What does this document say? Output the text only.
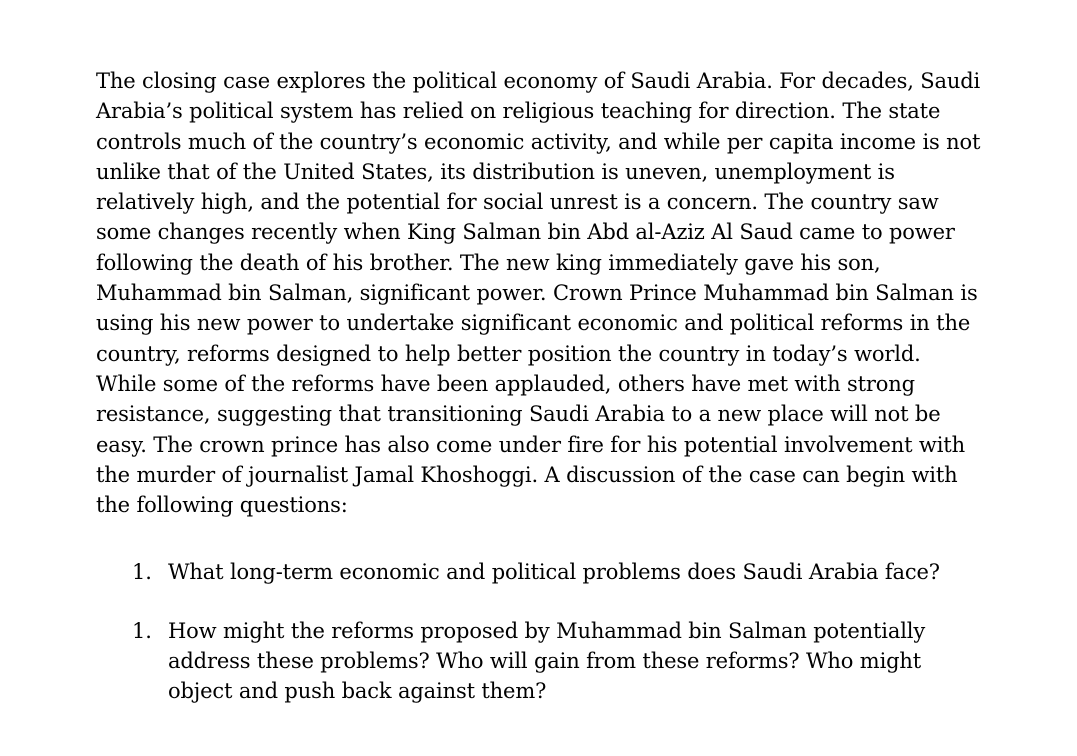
The closing case explores the political economy of Saudi Arabia. For decades, Saudi
Arabia’s political system has relied on religious teaching for direction. The state
controls much of the country’s economic activity, and while per capita income is not
unlike that of the United States, its distribution is uneven, unemployment is
relatively high, and the potential for social unrest is a concern. The country saw
some changes recently when King Salman bin Abd al-Aziz Al Saud came to power
following the death of his brother. The new king immediately gave his son,
Muhammad bin Salman, significant power. Crown Prince Muhammad bin Salman is
using his new power to undertake significant economic and political reforms in the
country, reforms designed to help better position the country in today’s world.
While some of the reforms have been applauded, others have met with strong
resistance, suggesting that transitioning Saudi Arabia to a new place will not be
easy. The crown prince has also come under fire for his potential involvement with
the murder of journalist Jamal Khoshoggi. A discussion of the case can begin with
the following questions:
1. What long-term economic and political problems does Saudi Arabia face?
1. How might the reforms proposed by Muhammad bin Salman potentially
address these problems? Who will gain from these reforms? Who might
object and push back against them?
